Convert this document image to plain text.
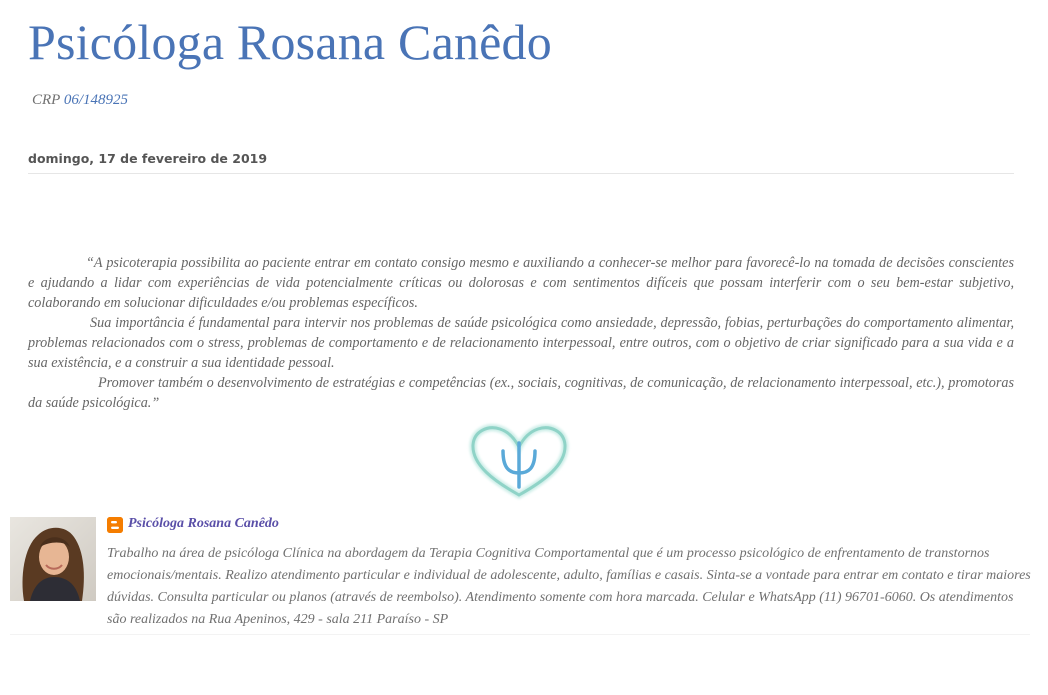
Psicóloga Rosana Canêdo
CRP 06/148925
domingo, 17 de fevereiro de 2019

“A psicoterapia possibilita ao paciente entrar em contato consigo mesmo e auxiliando a conhecer-se melhor para favorecê-lo na tomada de decisões conscientes e ajudando a lidar com experiências de vida potencialmente críticas ou dolorosas e com sentimentos difíceis que possam interferir com o seu bem-estar subjetivo, colaborando em solucionar dificuldades e/ou problemas específicos.

Sua importância é fundamental para intervir nos problemas de saúde psicológica como ansiedade, depressão, fobias, perturbações do comportamento alimentar, problemas relacionados com o stress, problemas de comportamento e de relacionamento interpessoal, entre outros, com o objetivo de criar significado para a sua vida e a sua existência, e a construir a sua identidade pessoal.

Promover também o desenvolvimento de estratégias e competências (ex., sociais, cognitivas, de comunicação, de relacionamento interpessoal, etc.), promotoras da saúde psicológica.”

Psicóloga Rosana Canêdo
Trabalho na área de psicóloga Clínica na abordagem da Terapia Cognitiva Comportamental que é um processo psicológico de enfrentamento de transtornos emocionais/mentais. Realizo atendimento particular e individual de adolescente, adulto, famílias e casais. Sinta-se a vontade para entrar em contato e tirar maiores dúvidas. Consulta particular ou planos (através de reembolso). Atendimento somente com hora marcada. Celular e WhatsApp (11) 96701-6060. Os atendimentos são realizados na Rua Apeninos, 429 - sala 211 Paraíso - SP
